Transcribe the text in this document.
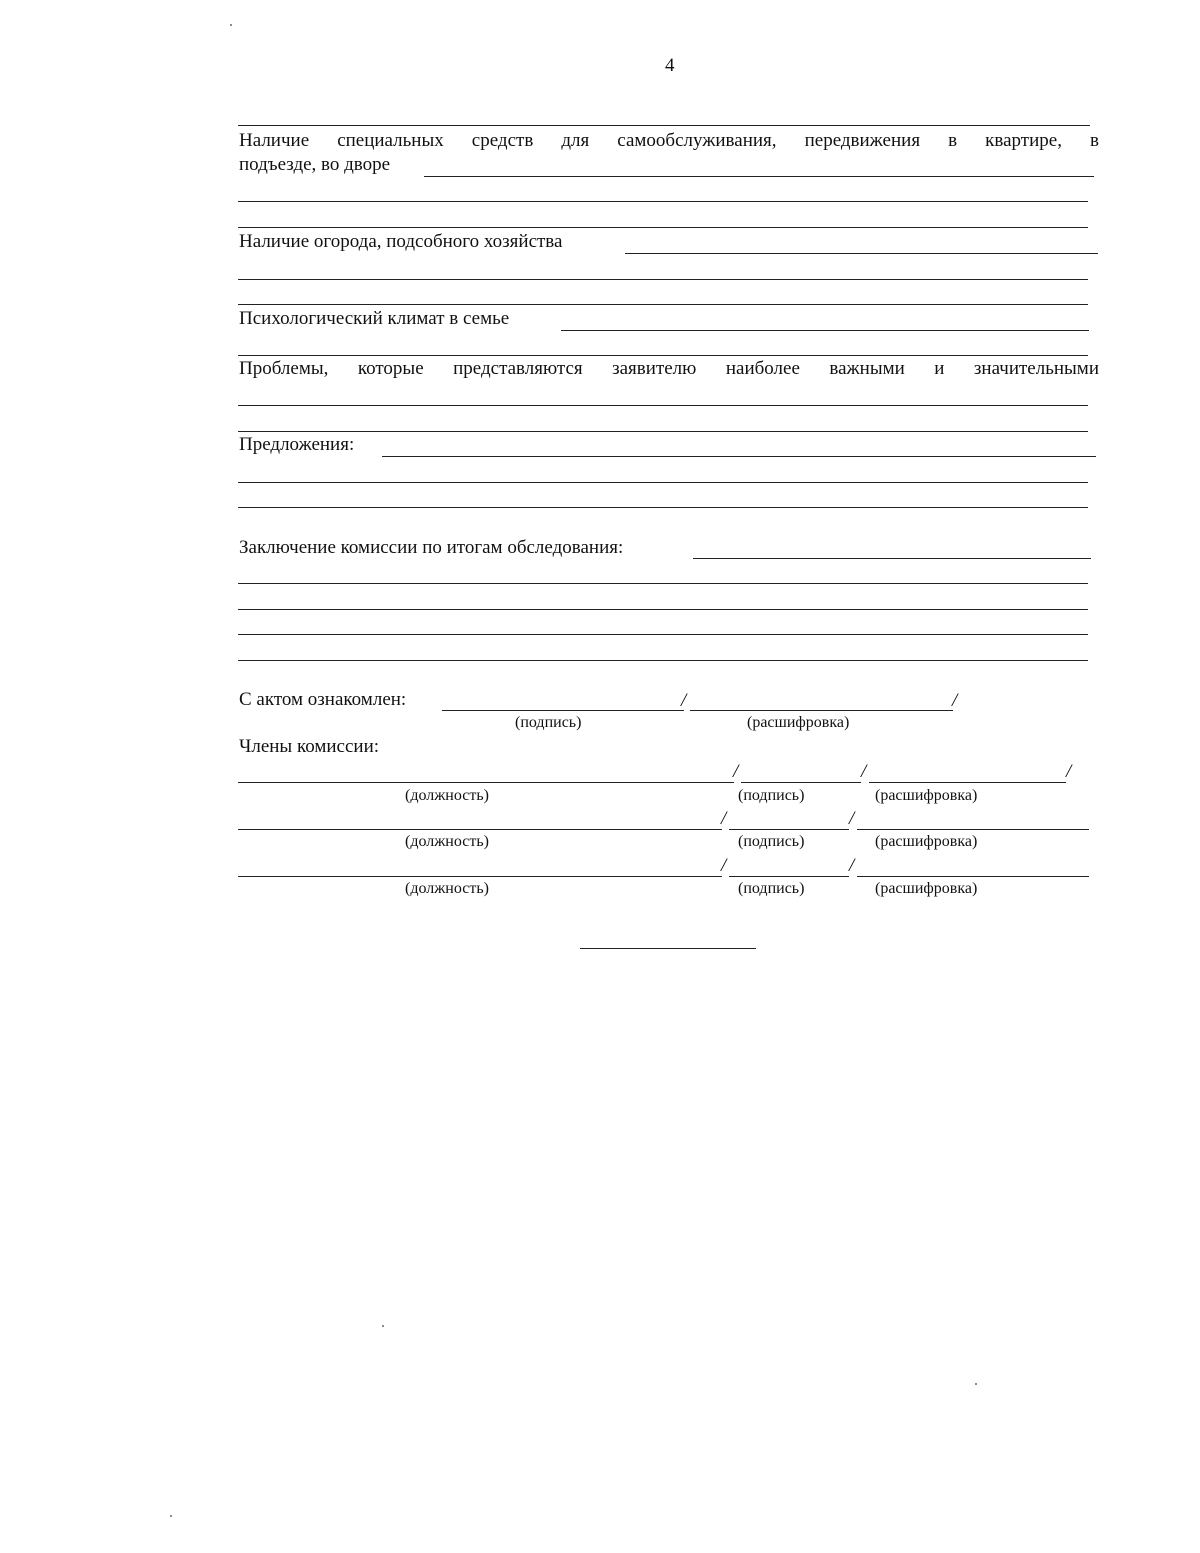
4
Наличие специальных средств для самообслуживания, передвижения в квартире, в
подъезде, во дворе
Наличие огорода, подсобного хозяйства
Психологический климат в семье
Проблемы, которые представляются заявителю наиболее важными и значительными
Предложения:
Заключение комиссии по итогам обследования:
С актом ознакомлен:	/	/
(подпись)	(расшифровка)
Члены комиссии:
/	/	/
(должность)	(подпись)	(расшифровка)
/	/
(должность)	(подпись)	(расшифровка)
/	/
(должность)	(подпись)	(расшифровка)
